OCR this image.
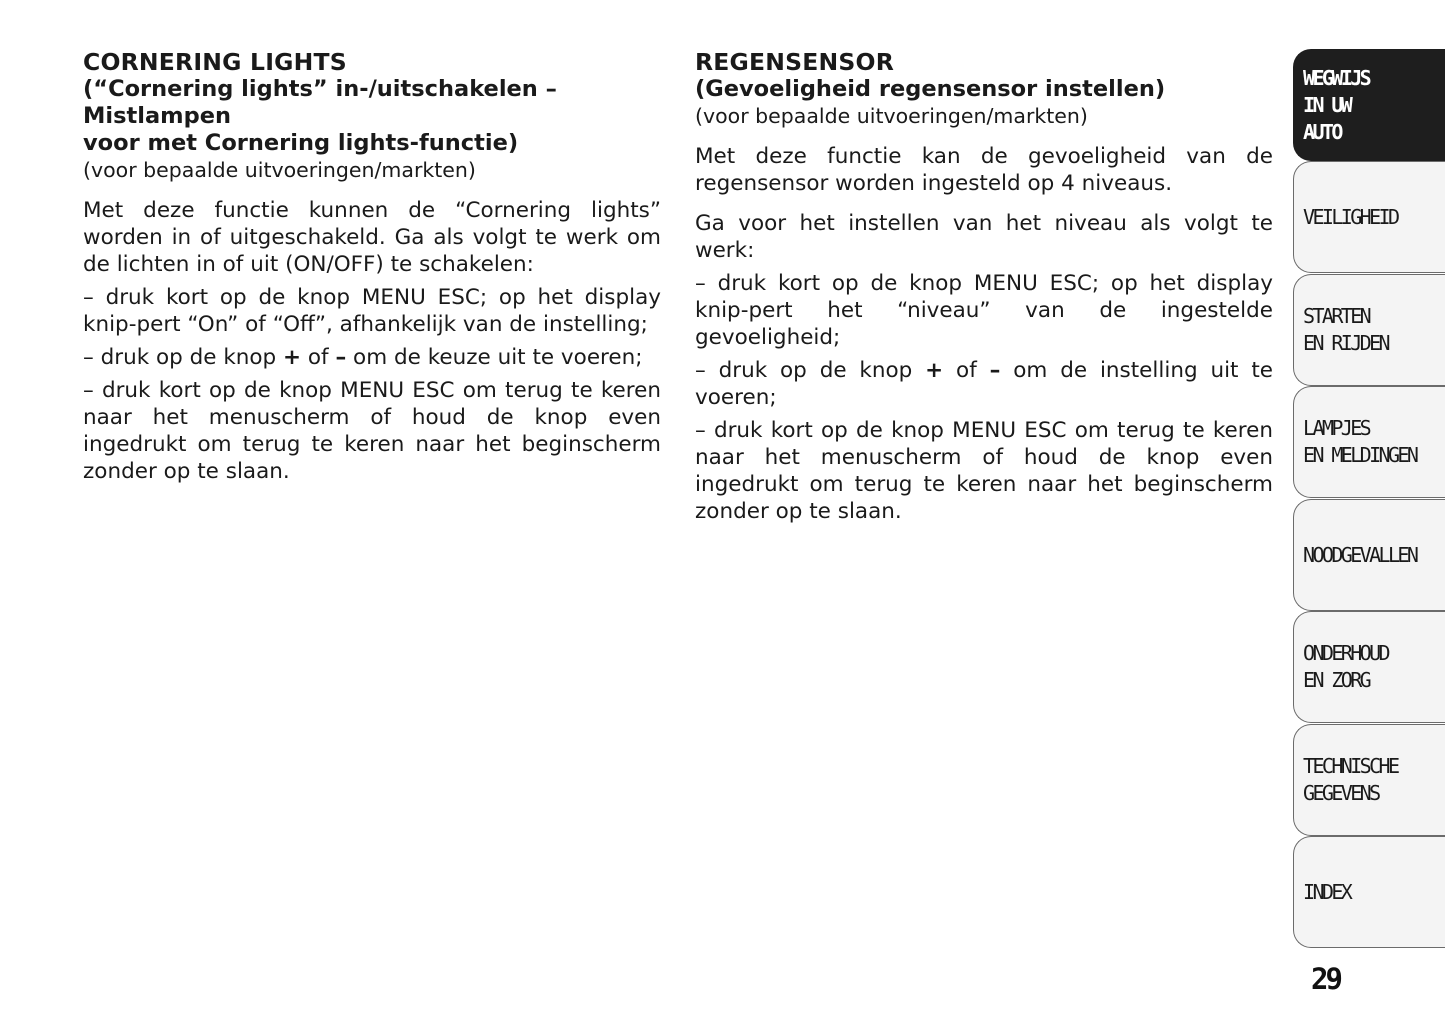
CORNERING LIGHTS

(“Cornering lights” in-/uitschakelen – Mistlampen

voor met Cornering lights-functie)

(voor bepaalde uitvoeringen/markten)

Met deze functie kunnen de “Cornering lights” worden in of uitgeschakeld. Ga als volgt te werk om de lichten in of uit (ON/OFF) te schakelen:

– druk kort op de knop MENU ESC; op het display knip-pert “On” of “Off”, afhankelijk van de instelling;

– druk op de knop + of – om de keuze uit te voeren;

– druk kort op de knop MENU ESC om terug te keren naar het menuscherm of houd de knop even ingedrukt om terug te keren naar het beginscherm zonder op te slaan.

REGENSENSOR

(Gevoeligheid regensensor instellen)

(voor bepaalde uitvoeringen/markten)

Met deze functie kan de gevoeligheid van de regensensor worden ingesteld op 4 niveaus.

Ga voor het instellen van het niveau als volgt te werk:

– druk kort op de knop MENU ESC; op het display knip-pert het “niveau” van de ingestelde gevoeligheid;

– druk op de knop + of – om de instelling uit te voeren;

– druk kort op de knop MENU ESC om terug te keren naar het menuscherm of houd de knop even ingedrukt om terug te keren naar het beginscherm zonder op te slaan.

WEGWIJS
IN UW
AUTO
VEILIGHEID
STARTEN
EN RIJDEN
LAMPJES
EN MELDINGEN
NOODGEVALLEN
ONDERHOUD
EN ZORG
TECHNISCHE
GEGEVENS
INDEX
29
